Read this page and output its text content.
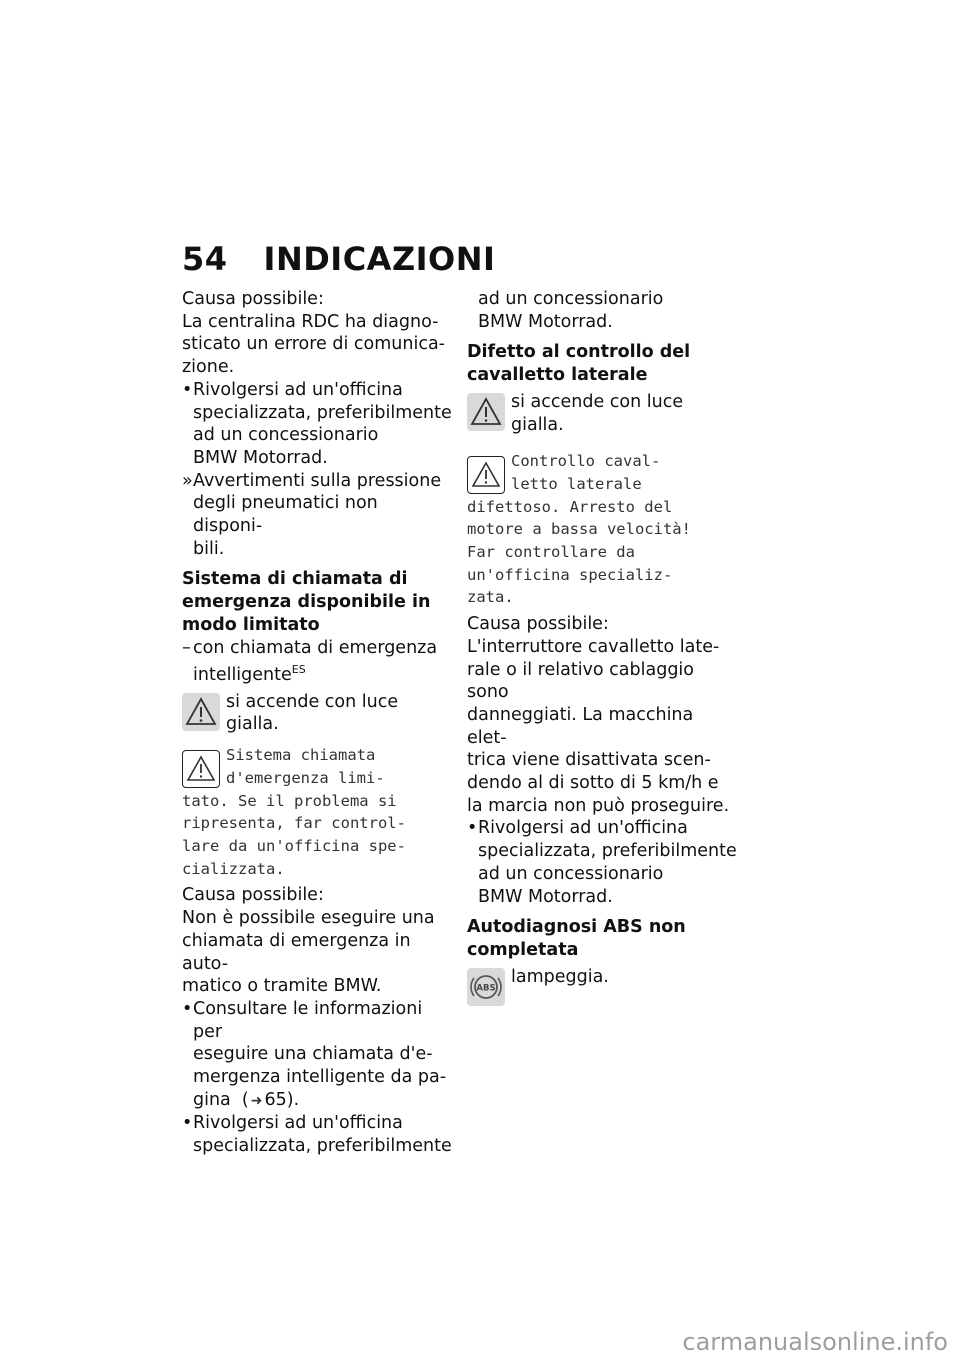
54 INDICAZIONI

Causa possibile:

La centralina RDC ha diagno-
sticato un errore di comunica-
zione.
• Rivolgersi ad un'officina
specializzata, preferibilmente
ad un concessionario
BMW Motorrad.
» Avvertimenti sulla pressione
degli pneumatici non disponi-
bili.
Sistema di chiamata di
emergenza disponibile in
modo limitato
– con chiamata di emergenza
intelligente$^{ES}$
si accende con luce gialla.
Sistema chiamata
d'emergenza limi-
tato. Se il problema si
ripresenta, far control-
lare da un'officina spe-
cializzata.

Causa possibile:

Non è possibile eseguire una
chiamata di emergenza in auto-
matico o tramite BMW.
• Consultare le informazioni per
eseguire una chiamata d'e-
mergenza intelligente da pa-
gina  ( ➜ 65).
• Rivolgersi ad un'officina
specializzata, preferibilmente
ad un concessionario
BMW Motorrad.
Difetto al controllo del
cavalletto laterale
si accende con luce gialla.
Controllo caval-
letto laterale
difettoso. Arresto del
motore a bassa velocità!
Far controllare da
un'officina specializ-
zata.

Causa possibile:

L'interruttore cavalletto late-
rale o il relativo cablaggio sono
danneggiati. La macchina elet-
trica viene disattivata scen-
dendo al di sotto di 5 km/h e
la marcia non può proseguire.
• Rivolgersi ad un'officina
specializzata, preferibilmente
ad un concessionario
BMW Motorrad.
Autodiagnosi ABS non
completata
ABS
lampeggia.
carmanualsonline.info
